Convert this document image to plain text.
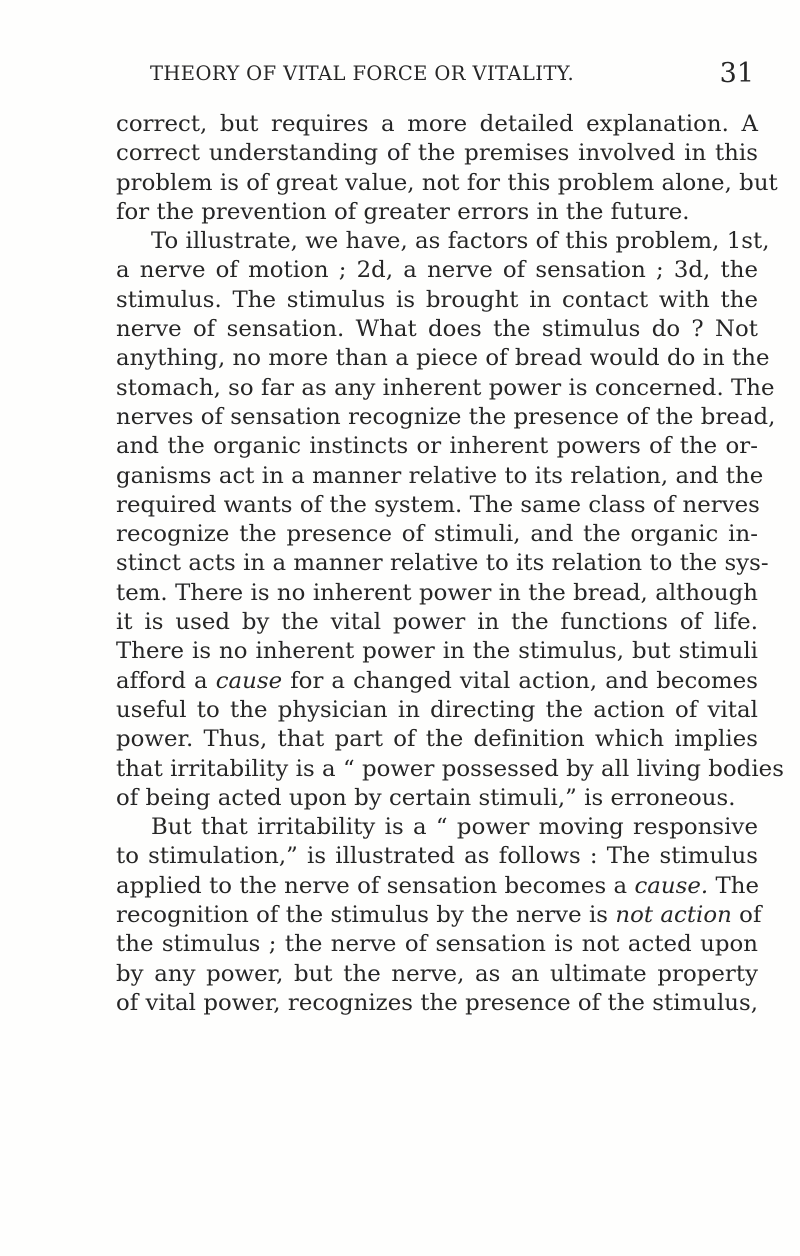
THEORY OF VITAL FORCE OR VITALITY.	31
correct, but requires a more detailed explanation. A
correct understanding of the premises involved in this
problem is of great value, not for this problem alone, but
for the prevention of greater errors in the future.
To illustrate, we have, as factors of this problem, 1st,
a nerve of motion ; 2d, a nerve of sensation ; 3d, the
stimulus. The stimulus is brought in contact with the
nerve of sensation. What does the stimulus do ? Not
anything, no more than a piece of bread would do in the
stomach, so far as any inherent power is concerned. The
nerves of sensation recognize the presence of the bread,
and the organic instincts or inherent powers of the or-
ganisms act in a manner relative to its relation, and the
required wants of the system. The same class of nerves
recognize the presence of stimuli, and the organic in-
stinct acts in a manner relative to its relation to the sys-
tem. There is no inherent power in the bread, although
it is used by the vital power in the functions of life.
There is no inherent power in the stimulus, but stimuli
afford a cause for a changed vital action, and becomes
useful to the physician in directing the action of vital
power. Thus, that part of the definition which implies
that irritability is a “ power possessed by all living bodies
of being acted upon by certain stimuli,” is erroneous.
But that irritability is a “ power moving responsive
to stimulation,” is illustrated as follows : The stimulus
applied to the nerve of sensation becomes a cause. The
recognition of the stimulus by the nerve is not action of
the stimulus ; the nerve of sensation is not acted upon
by any power, but the nerve, as an ultimate property
of vital power, recognizes the presence of the stimulus,
